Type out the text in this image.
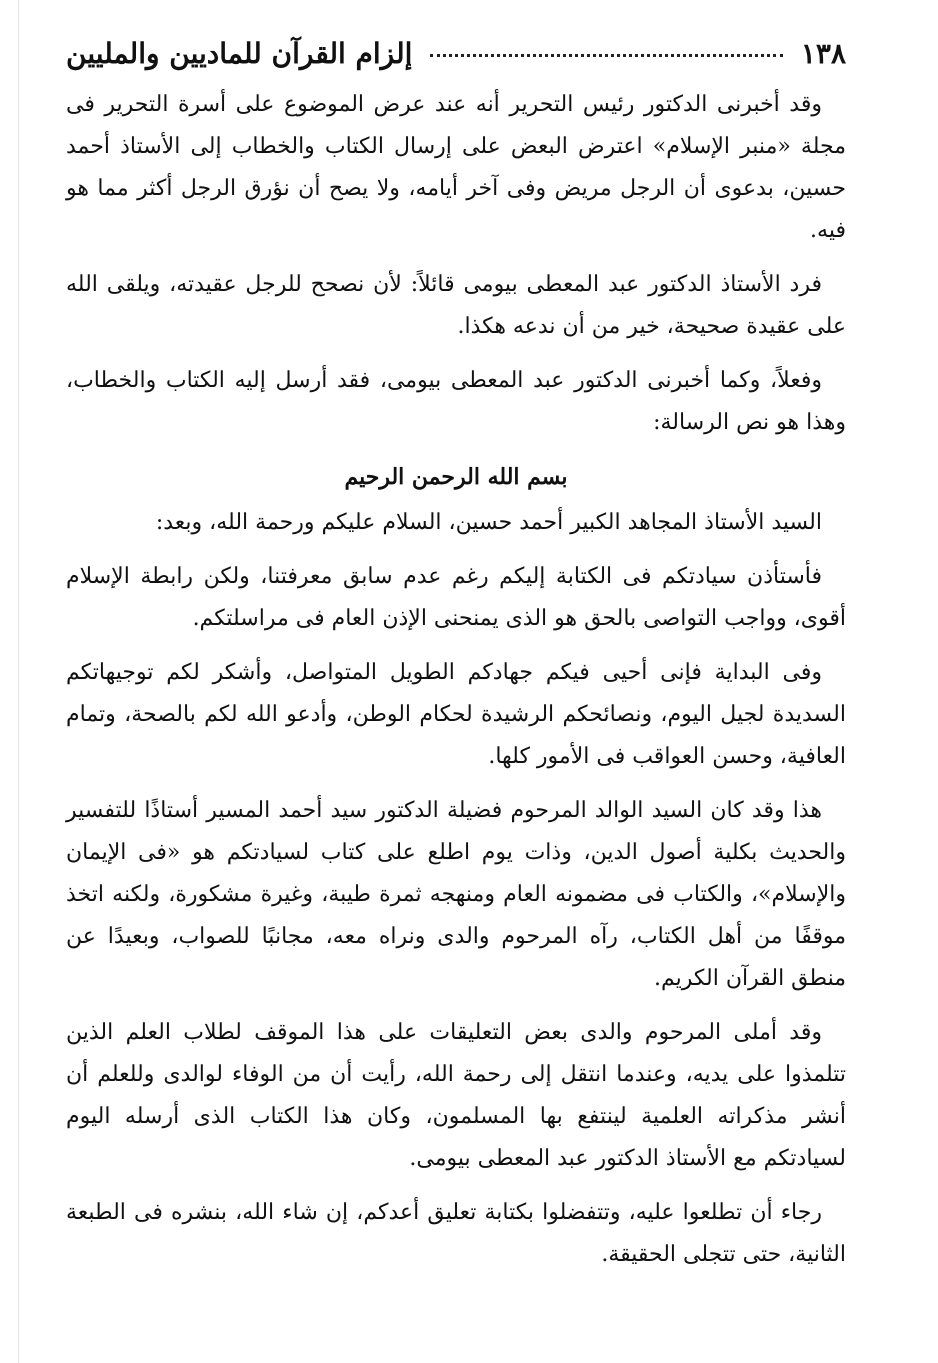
١٣٨
إلزام القرآن للماديين والمليين

وقد أخبرنى الدكتور رئيس التحرير أنه عند عرض الموضوع على أسرة التحرير فى مجلة «منبر الإسلام» اعترض البعض على إرسال الكتاب والخطاب إلى الأستاذ أحمد حسين، بدعوى أن الرجل مريض وفى آخر أيامه، ولا يصح أن نؤرق الرجل أكثر مما هو فيه.

فرد الأستاذ الدكتور عبد المعطى بيومى قائلاً: لأن نصحح للرجل عقيدته، ويلقى الله على عقيدة صحيحة، خير من أن ندعه هكذا.

وفعلاً، وكما أخبرنى الدكتور عبد المعطى بيومى، فقد أرسل إليه الكتاب والخطاب، وهذا هو نص الرسالة:

بسم الله الرحمن الرحيم

السيد الأستاذ المجاهد الكبير أحمد حسين، السلام عليكم ورحمة الله، وبعد:

فأستأذن سيادتكم فى الكتابة إليكم رغم عدم سابق معرفتنا، ولكن رابطة الإسلام أقوى، وواجب التواصى بالحق هو الذى يمنحنى الإذن العام فى مراسلتكم.

وفى البداية فإنى أحيى فيكم جهادكم الطويل المتواصل، وأشكر لكم توجيهاتكم السديدة لجيل اليوم، ونصائحكم الرشيدة لحكام الوطن، وأدعو الله لكم بالصحة، وتمام العافية، وحسن العواقب فى الأمور كلها.

هذا وقد كان السيد الوالد المرحوم فضيلة الدكتور سيد أحمد المسير أستاذًا للتفسير والحديث بكلية أصول الدين، وذات يوم اطلع على كتاب لسيادتكم هو «فى الإيمان والإسلام»، والكتاب فى مضمونه العام ومنهجه ثمرة طيبة، وغيرة مشكورة، ولكنه اتخذ موقفًا من أهل الكتاب، رآه المرحوم والدى ونراه معه، مجانبًا للصواب، وبعيدًا عن منطق القرآن الكريم.

وقد أملى المرحوم والدى بعض التعليقات على هذا الموقف لطلاب العلم الذين تتلمذوا على يديه، وعندما انتقل إلى رحمة الله، رأيت أن من الوفاء لوالدى وللعلم أن أنشر مذكراته العلمية لينتفع بها المسلمون، وكان هذا الكتاب الذى أرسله اليوم لسيادتكم مع الأستاذ الدكتور عبد المعطى بيومى.

رجاء أن تطلعوا عليه، وتتفضلوا بكتابة تعليق أعدكم، إن شاء الله، بنشره فى الطبعة الثانية، حتى تتجلى الحقيقة.
